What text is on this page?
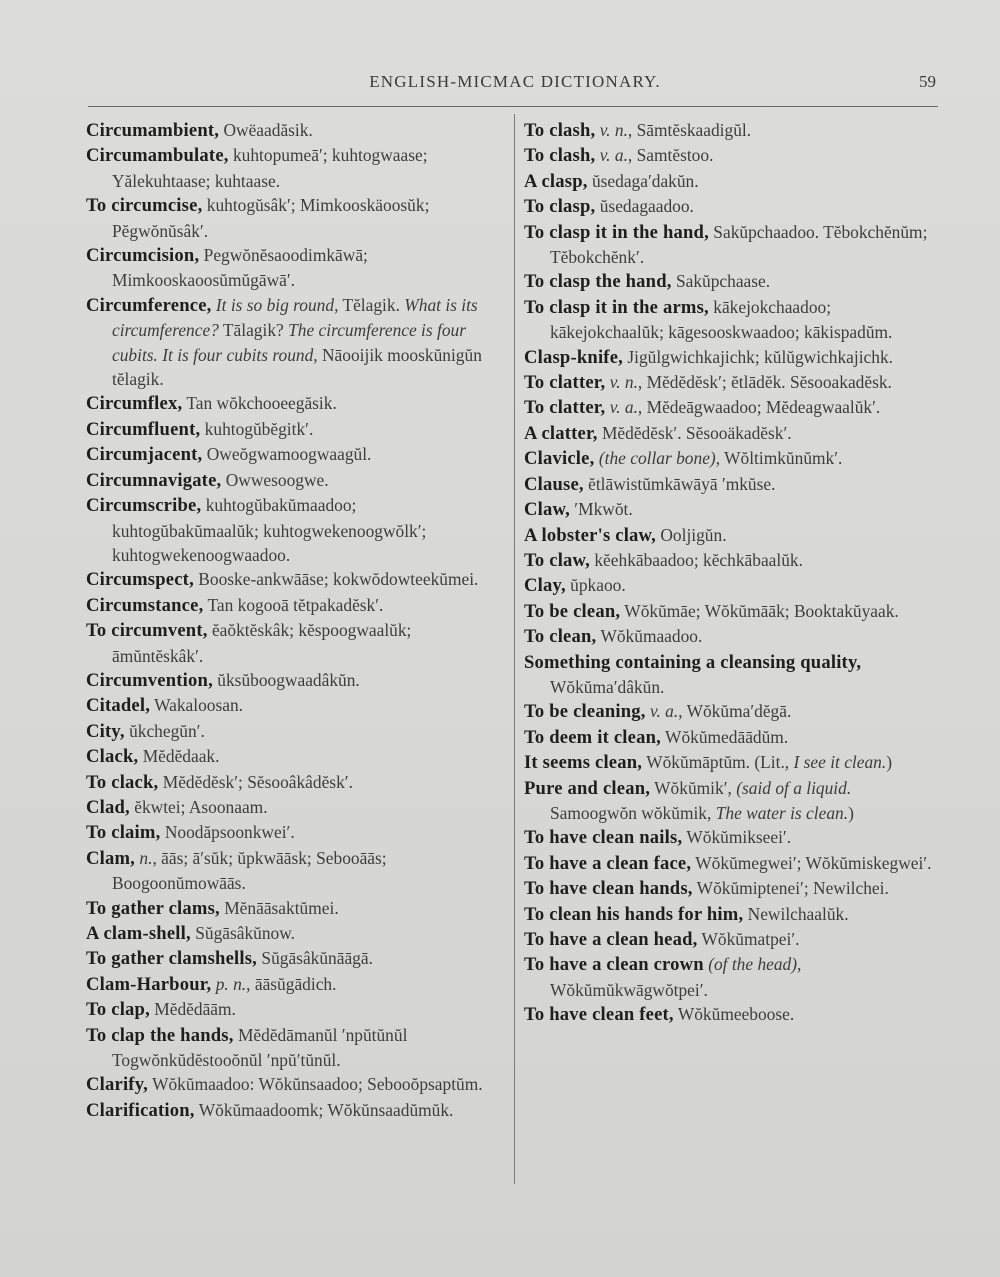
ENGLISH-MICMAC DICTIONARY.	59

Circumambient, Owëaadăsik.

Circumambulate, kuhtopumeā′; kuhtogwaase; Yălekuhtaase; kuhtaase.

To circumcise, kuhtogŭsâk′; Mimkooskäoosŭk; Pĕgwŏnŭsâk′.

Circumcision, Pegwŏnĕsaoodimkāwā; Mimkooskaoosŭmŭgāwā′.

Circumference, It is so big round, Tĕlagik. What is its circumference? Tālagik? The circumference is four cubits. It is four cubits round, Nāooijik mooskŭnigŭn tĕlagik.

Circumflex, Tan wŏkchooeegăsik.

Circumfluent, kuhtogŭbĕgitk′.

Circumjacent, Oweŏgwamoogwaagŭl.

Circumnavigate, Owwesoogwe.

Circumscribe, kuhtogŭbakŭmaadoo; kuhtogŭbakŭmaalŭk; kuhtogwekenoogwŏlk′; kuhtogwekenoogwaadoo.

Circumspect, Booske-ankwāāse; kokwŏdowteekŭmei.

Circumstance, Tan kogooā tĕtpakadĕsk′.

To circumvent, ĕaŏktĕskâk; kĕspoogwaalŭk; āmŭntĕskâk′.

Circumvention, ŭksŭboogwaadâkŭn.

Citadel, Wakaloosan.

City, ŭkchegŭn′.

Clack, Mĕdĕdaak.

To clack, Mĕdĕdĕsk′; Sĕsooâkâdĕsk′.

Clad, ĕkwtei; Asoonaam.

To claim, Noodăpsoonkwei′.

Clam, n., āās; ā′sŭk; ŭpkwāāsk; Sebooāās; Boogoonŭmowāās.

To gather clams, Mĕnāāsaktŭmei.

A clam-shell, Sŭgāsâkŭnow.

To gather clamshells, Sŭgāsâkŭnāāgā.

Clam-Harbour, p. n., āāsŭgādich.

To clap, Mĕdĕdāām.

To clap the hands, Mĕdĕdāmanŭl ′npŭtŭnŭl Togwŏnkŭdĕstooŏnŭl ′npŭ′tŭnŭl.

Clarify, Wŏkŭmaadoo: Wŏkŭnsaadoo; Sebooŏpsaptŭm.

Clarification, Wŏkŭmaadoomk; Wŏkŭnsaadŭmŭk.

To clash, v. n., Sāmtĕskaadigŭl.

To clash, v. a., Samtĕstoo.

A clasp, ŭsedaga′dakŭn.

To clasp, ŭsedagaadoo.

To clasp it in the hand, Sakŭpchaadoo. Tĕbokchĕnŭm; Tĕbokchĕnk′.

To clasp the hand, Sakŭpchaase.

To clasp it in the arms, kākejokchaadoo; kākejokchaalŭk; kāgesooskwaadoo; kākispadŭm.

Clasp-knife, Jigŭlgwichkajichk; kŭlŭgwichkajichk.

To clatter, v. n., Mĕdĕdĕsk′; ĕtlādĕk. Sĕsooakadĕsk.

To clatter, v. a., Mĕdeāgwaadoo; Mĕdeagwaalŭk′.

A clatter, Mĕdĕdĕsk′. Sĕsooäkadĕsk′.

Clavicle, (the collar bone), Wŏltimkŭnŭmk′.

Clause, ĕtlāwistŭmkāwāyā ′mkŭse.

Claw, ′Mkwŏt.

A lobster's claw, Ooljigŭn.

To claw, kĕehkābaadoo; kĕchkābaalŭk.

Clay, ŭpkaoo.

To be clean, Wŏkŭmāe; Wŏkŭmāāk; Booktakŭyaak.

To clean, Wŏkŭmaadoo.

Something containing a cleansing quality, Wŏkŭma′dâkŭn.

To be cleaning, v. a., Wŏkŭma′dĕgā.

To deem it clean, Wŏkŭmedāādŭm.

It seems clean, Wŏkŭmāptŭm. (Lit., I see it clean.)

Pure and clean, Wŏkŭmik′, (said of a liquid. Samoogwŏn wŏkŭmik, The water is clean.)

To have clean nails, Wŏkŭmikseei′.

To have a clean face, Wŏkŭmegwei′; Wŏkŭmiskegwei′.

To have clean hands, Wŏkŭmiptenei′; Newilchei.

To clean his hands for him, Newilchaalŭk.

To have a clean head, Wŏkŭmatpei′.

To have a clean crown (of the head), Wŏkŭmŭkwāgwŏtpei′.

To have clean feet, Wŏkŭmeeboose.
